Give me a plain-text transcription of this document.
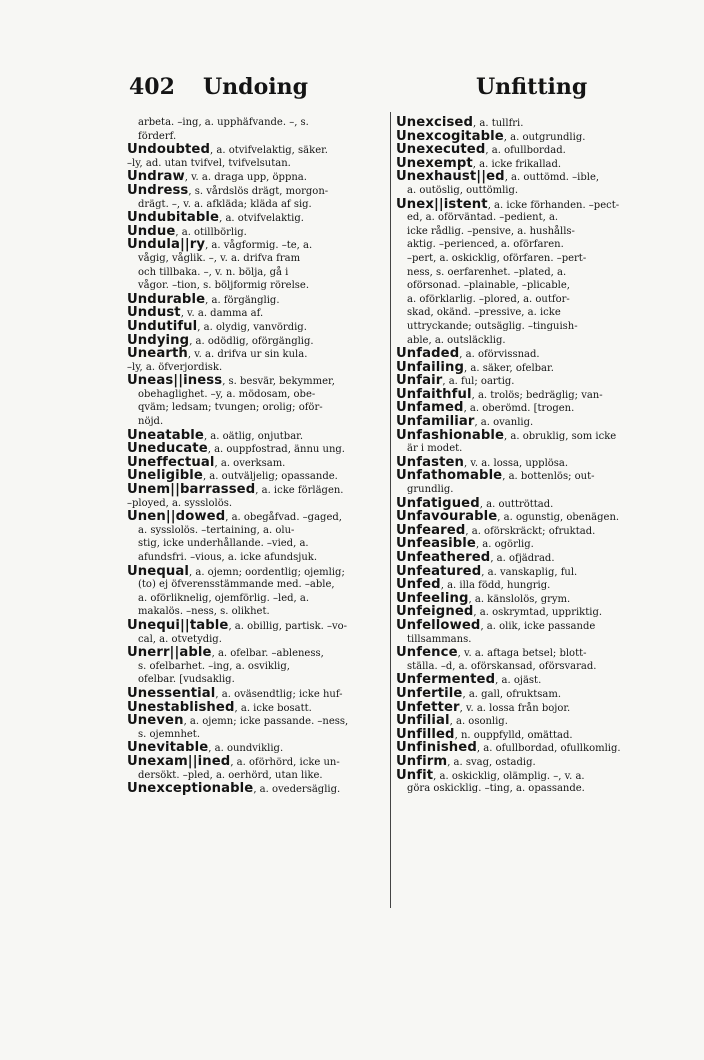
402 Undoing	Unfitting
arbeta. –ing, a. upphäfvande. –, s.
förderf.
Undoubted, a. otvifvelaktig, säker.
–ly, ad. utan tvifvel, tvifvelsutan.
Undraw, v. a. draga upp, öppna.
Undress, s. vårdslös drägt, morgon-
drägt. –, v. a. afkläda; kläda af sig.
Undubitable, a. otvifvelaktig.
Undue, a. otillbörlig.
Undula||ry, a. vågformig. –te, a.
vågig, våglik. –, v. a. drifva fram
och tillbaka. –, v. n. bölja, gå i
vågor. –tion, s. böljformig rörelse.
Undurable, a. förgänglig.
Undust, v. a. damma af.
Undutiful, a. olydig, vanvördig.
Undying, a. odödlig, oförgänglig.
Unearth, v. a. drifva ur sin kula.
–ly, a. öfverjordisk.
Uneas||iness, s. besvär, bekymmer,
obehaglighet. –y, a. mödosam, obe-
qväm; ledsam; tvungen; orolig; oför-
nöjd.
Uneatable, a. oätlig, onjutbar.
Uneducate, a. ouppfostrad, ännu ung.
Uneffectual, a. overksam.
Uneligible, a. outväljelig; opassande.
Unem||barrassed, a. icke förlägen.
–ployed, a. sysslolös.
Unen||dowed, a. obegåfvad. –gaged,
a. sysslolös. –tertaining, a. olu-
stig, icke underhållande. –vied, a.
afundsfri. –vious, a. icke afundsjuk.
Unequal, a. ojemn; oordentlig; ojemlig;
(to) ej öfverensstämmande med. –able,
a. oförliknelig, ojemförlig. –led, a.
makalös. –ness, s. olikhet.
Unequi||table, a. obillig, partisk. –vo-
cal, a. otvetydig.
Unerr||able, a. ofelbar. –ableness,
s. ofelbarhet. –ing, a. osviklig,
ofelbar. [vudsaklig.
Unessential, a. oväsendtlig; icke huf-
Unestablished, a. icke bosatt.
Uneven, a. ojemn; icke passande. –ness,
s. ojemnhet.
Unevitable, a. oundviklig.
Unexam||ined, a. oförhörd, icke un-
dersökt. –pled, a. oerhörd, utan like.
Unexceptionable, a. ovedersäglig.
Unexcised, a. tullfri.
Unexcogitable, a. outgrundlig.
Unexecuted, a. ofullbordad.
Unexempt, a. icke frikallad.
Unexhaust||ed, a. outtömd. –ible,
a. outöslig, outtömlig.
Unex||istent, a. icke förhanden. –pect-
ed, a. oförväntad. –pedient, a.
icke rådlig. –pensive, a. hushålls-
aktig. –perienced, a. oförfaren.
–pert, a. oskicklig, oförfaren. –pert-
ness, s. oerfarenhet. –plated, a.
oförsonad. –plainable, –plicable,
a. oförklarlig. –plored, a. outfor-
skad, okänd. –pressive, a. icke
uttryckande; outsäglig. –tinguish-
able, a. outsläcklig.
Unfaded, a. oförvissnad.
Unfailing, a. säker, ofelbar.
Unfair, a. ful; oartig.
Unfaithful, a. trolös; bedräglig; van-
Unfamed, a. oberömd. [trogen.
Unfamiliar, a. ovanlig.
Unfashionable, a. obruklig, som icke
är i modet.
Unfasten, v. a. lossa, upplösa.
Unfathomable, a. bottenlös; out-
grundlig.
Unfatigued, a. outtröttad.
Unfavourable, a. ogunstig, obenägen.
Unfeared, a. oförskräckt; ofruktad.
Unfeasible, a. ogörlig.
Unfeathered, a. ofjädrad.
Unfeatured, a. vanskaplig, ful.
Unfed, a. illa född, hungrig.
Unfeeling, a. känslolös, grym.
Unfeigned, a. oskrymtad, uppriktig.
Unfellowed, a. olik, icke passande
tillsammans.
Unfence, v. a. aftaga betsel; blott-
ställa. –d, a. oförskansad, oförsvarad.
Unfermented, a. ojäst.
Unfertile, a. gall, ofruktsam.
Unfetter, v. a. lossa från bojor.
Unfilial, a. osonlig.
Unfilled, n. ouppfylld, omättad.
Unfinished, a. ofullbordad, ofullkomlig.
Unfirm, a. svag, ostadig.
Unfit, a. oskicklig, olämplig. –, v. a.
göra oskicklig. –ting, a. opassande.
